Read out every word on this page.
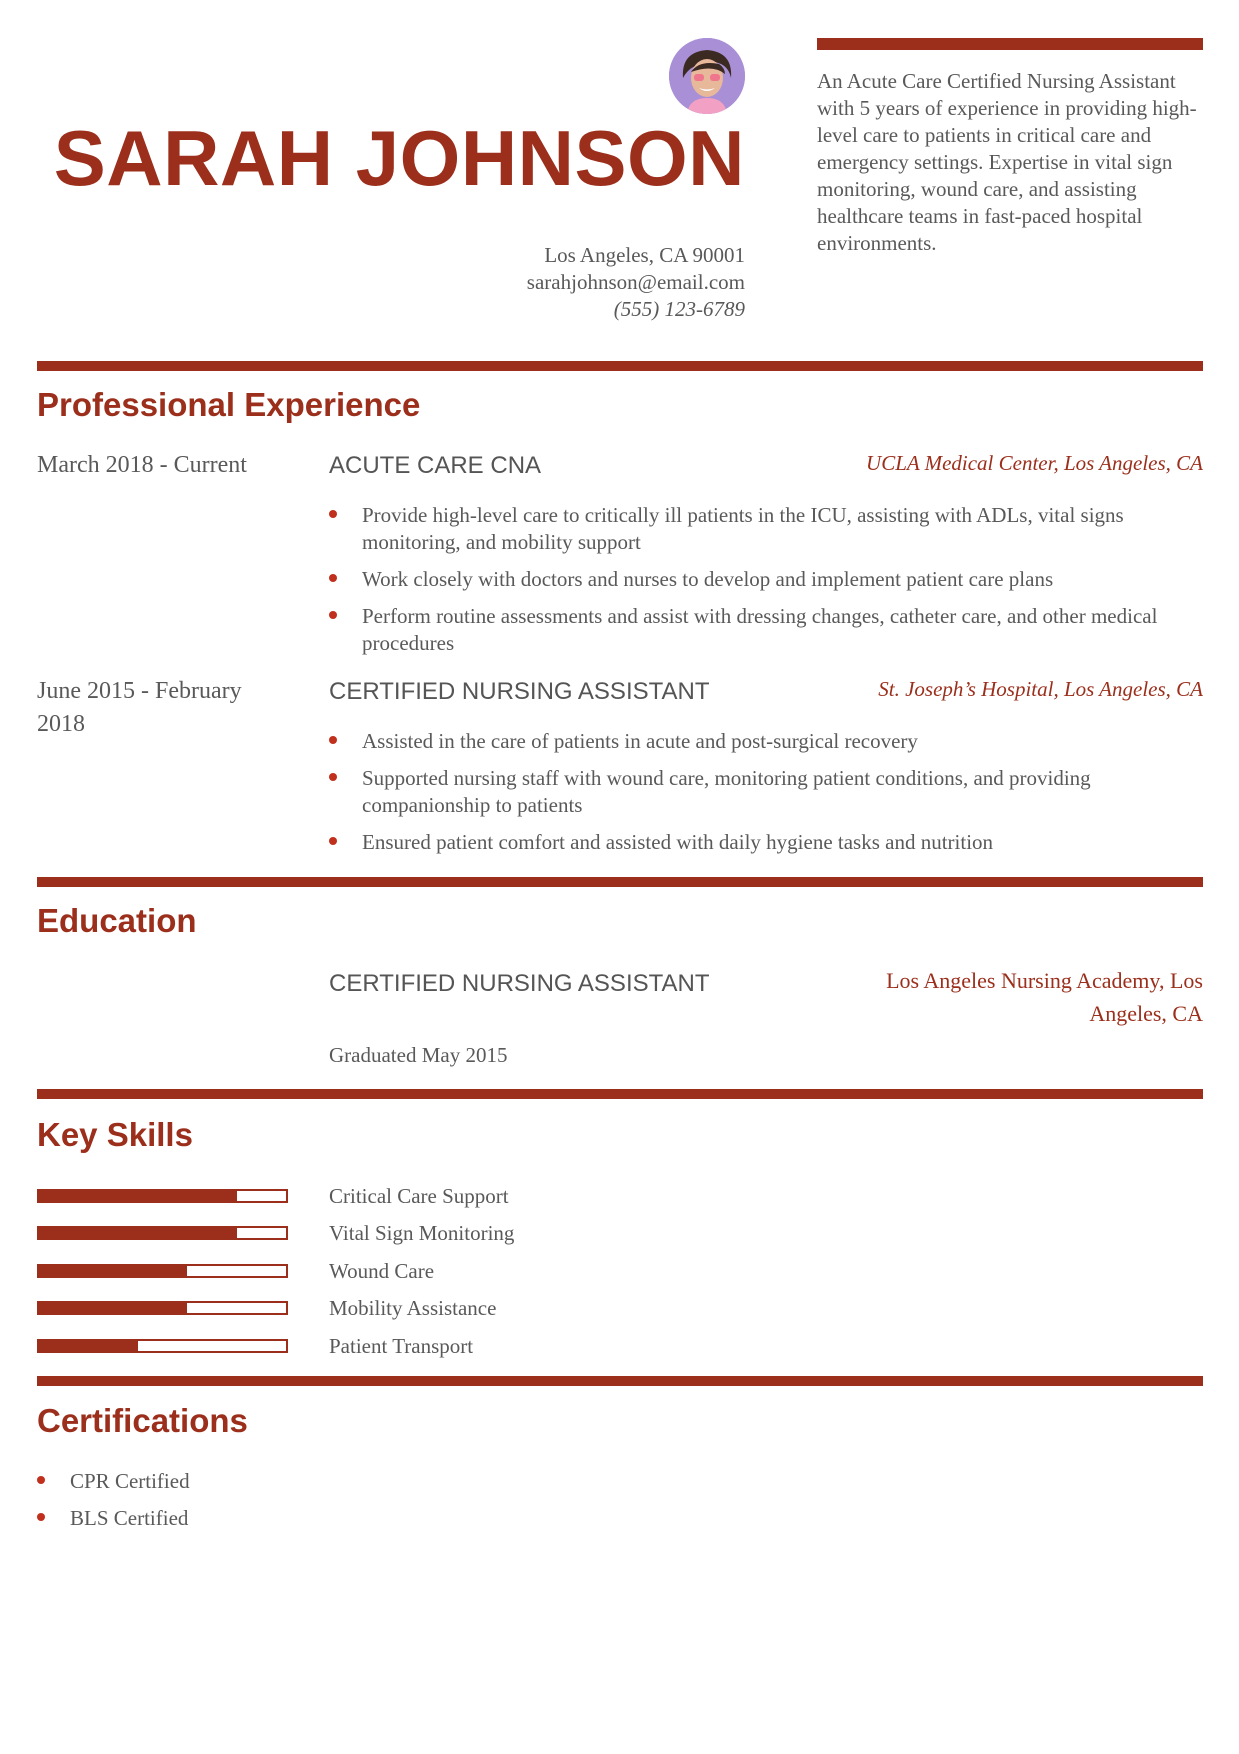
SARAH JOHNSON
Los Angeles, CA 90001
sarahjohnson@email.com
(555) 123-6789
An Acute Care Certified Nursing Assistant with 5 years of experience in providing high-level care to patients in critical care and emergency settings. Expertise in vital sign monitoring, wound care, and assisting healthcare teams in fast-paced hospital environments.
Professional Experience
March 2018 - Current	ACUTE CARE CNA	UCLA Medical Center, Los Angeles, CA
Provide high-level care to critically ill patients in the ICU, assisting with ADLs, vital signs monitoring, and mobility support
Work closely with doctors and nurses to develop and implement patient care plans
Perform routine assessments and assist with dressing changes, catheter care, and other medical procedures
June 2015 - February 2018
CERTIFIED NURSING ASSISTANT	St. Joseph’s Hospital, Los Angeles, CA
Assisted in the care of patients in acute and post-surgical recovery
Supported nursing staff with wound care, monitoring patient conditions, and providing companionship to patients
Ensured patient comfort and assisted with daily hygiene tasks and nutrition
Education
CERTIFIED NURSING ASSISTANT	Los Angeles Nursing Academy, Los Angeles, CA
Graduated May 2015
Key Skills
Critical Care Support
Vital Sign Monitoring
Wound Care
Mobility Assistance
Patient Transport
Certifications
CPR Certified
BLS Certified
